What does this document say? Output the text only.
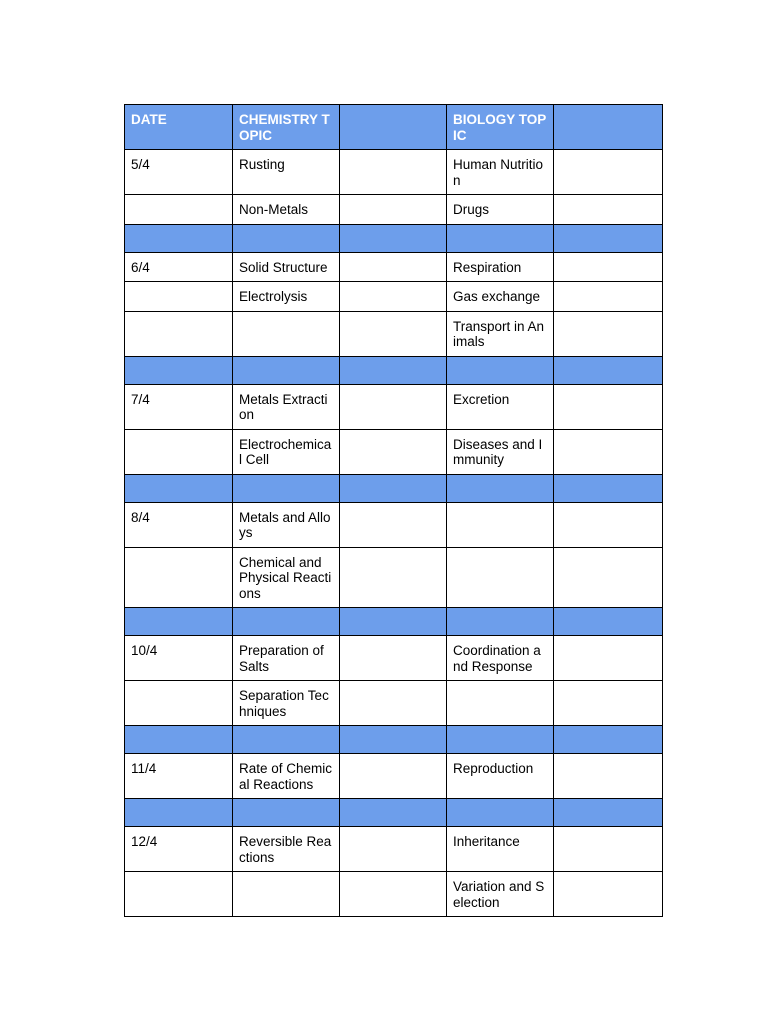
DATE	CHEMISTRY TOPIC		BIOLOGY TOPIC	
5/4	Rusting		Human Nutrition	
	Non-Metals		Drugs	

6/4	Solid Structure		Respiration	
	Electrolysis		Gas exchange	
			Transport in Animals	

7/4	Metals Extraction		Excretion	
	Electrochemical Cell		Diseases and Immunity	

8/4	Metals and Alloys			
	Chemical and Physical Reactions			

10/4	Preparation of Salts		Coordination and Response	
	Separation Techniques			

11/4	Rate of Chemical Reactions		Reproduction	

12/4	Reversible Reactions		Inheritance	
			Variation and Selection	
